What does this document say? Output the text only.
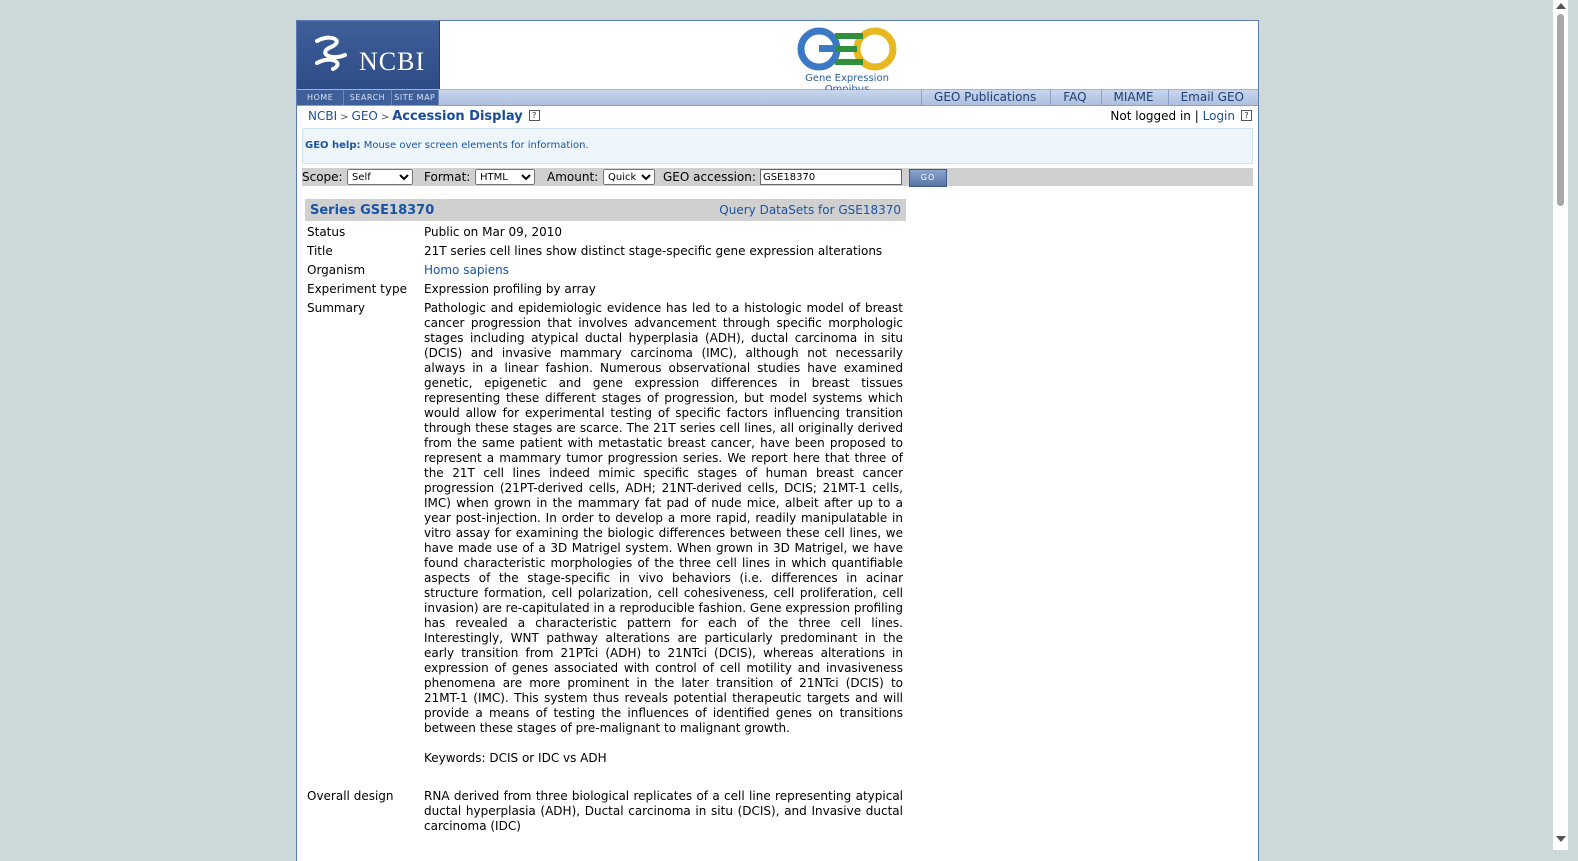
NCBI
Gene Expression
HOME	SEARCH	SITE MAP	GEO Publications	FAQ	MIAME	Email GEO
NCBI > GEO > Accession Display ?	Not logged in | Login ?
GEO help: Mouse over screen elements for information.
Scope:
Self	Format:
HTML	Amount:
Quick	GEO accession:
GSE18370	GO
Series GSE18370	Query DataSets for GSE18370
Status	Public on Mar 09, 2010
Title	21T series cell lines show distinct stage-specific gene expression alterations
Organism	Homo sapiens
Experiment type	Expression profiling by array
Summary	Pathologic and epidemiologic evidence has led to a histologic model of breast cancer progression that involves advancement through specific morphologic stages including atypical ductal hyperplasia (ADH), ductal carcinoma in situ (DCIS) and invasive mammary carcinoma (IMC), although not necessarily always in a linear fashion. Numerous observational studies have examined genetic, epigenetic and gene expression differences in breast tissues representing these different stages of progression, but model systems which would allow for experimental testing of specific factors influencing transition through these stages are scarce. The 21T series cell lines, all originally derived from the same patient with metastatic breast cancer, have been proposed to represent a mammary tumor progression series. We report here that three of the 21T cell lines indeed mimic specific stages of human breast cancer progression (21PT-derived cells, ADH; 21NT-derived cells, DCIS; 21MT-1 cells, IMC) when grown in the mammary fat pad of nude mice, albeit after up to a year post-injection. In order to develop a more rapid, readily manipulatable in vitro assay for examining the biologic differences between these cell lines, we have made use of a 3D Matrigel system. When grown in 3D Matrigel, we have found characteristic morphologies of the three cell lines in which quantifiable aspects of the stage-specific in vivo behaviors (i.e. differences in acinar structure formation, cell polarization, cell cohesiveness, cell proliferation, cell invasion) are re-capitulated in a reproducible fashion. Gene expression profiling has revealed a characteristic pattern for each of the three cell lines. Interestingly, WNT pathway alterations are particularly predominant in the early transition from 21PTci (ADH) to 21NTci (DCIS), whereas alterations in expression of genes associated with control of cell motility and invasiveness phenomena are more prominent in the later transition of 21NTci (DCIS) to 21MT-1 (IMC). This system thus reveals potential therapeutic targets and will provide a means of testing the influences of identified genes on transitions between these stages of pre-malignant to malignant growth.
Keywords: DCIS or IDC vs ADH
Overall design	RNA derived from three biological replicates of a cell line representing atypical ductal hyperplasia (ADH), Ductal carcinoma in situ (DCIS), and Invasive ductal carcinoma (IDC)
